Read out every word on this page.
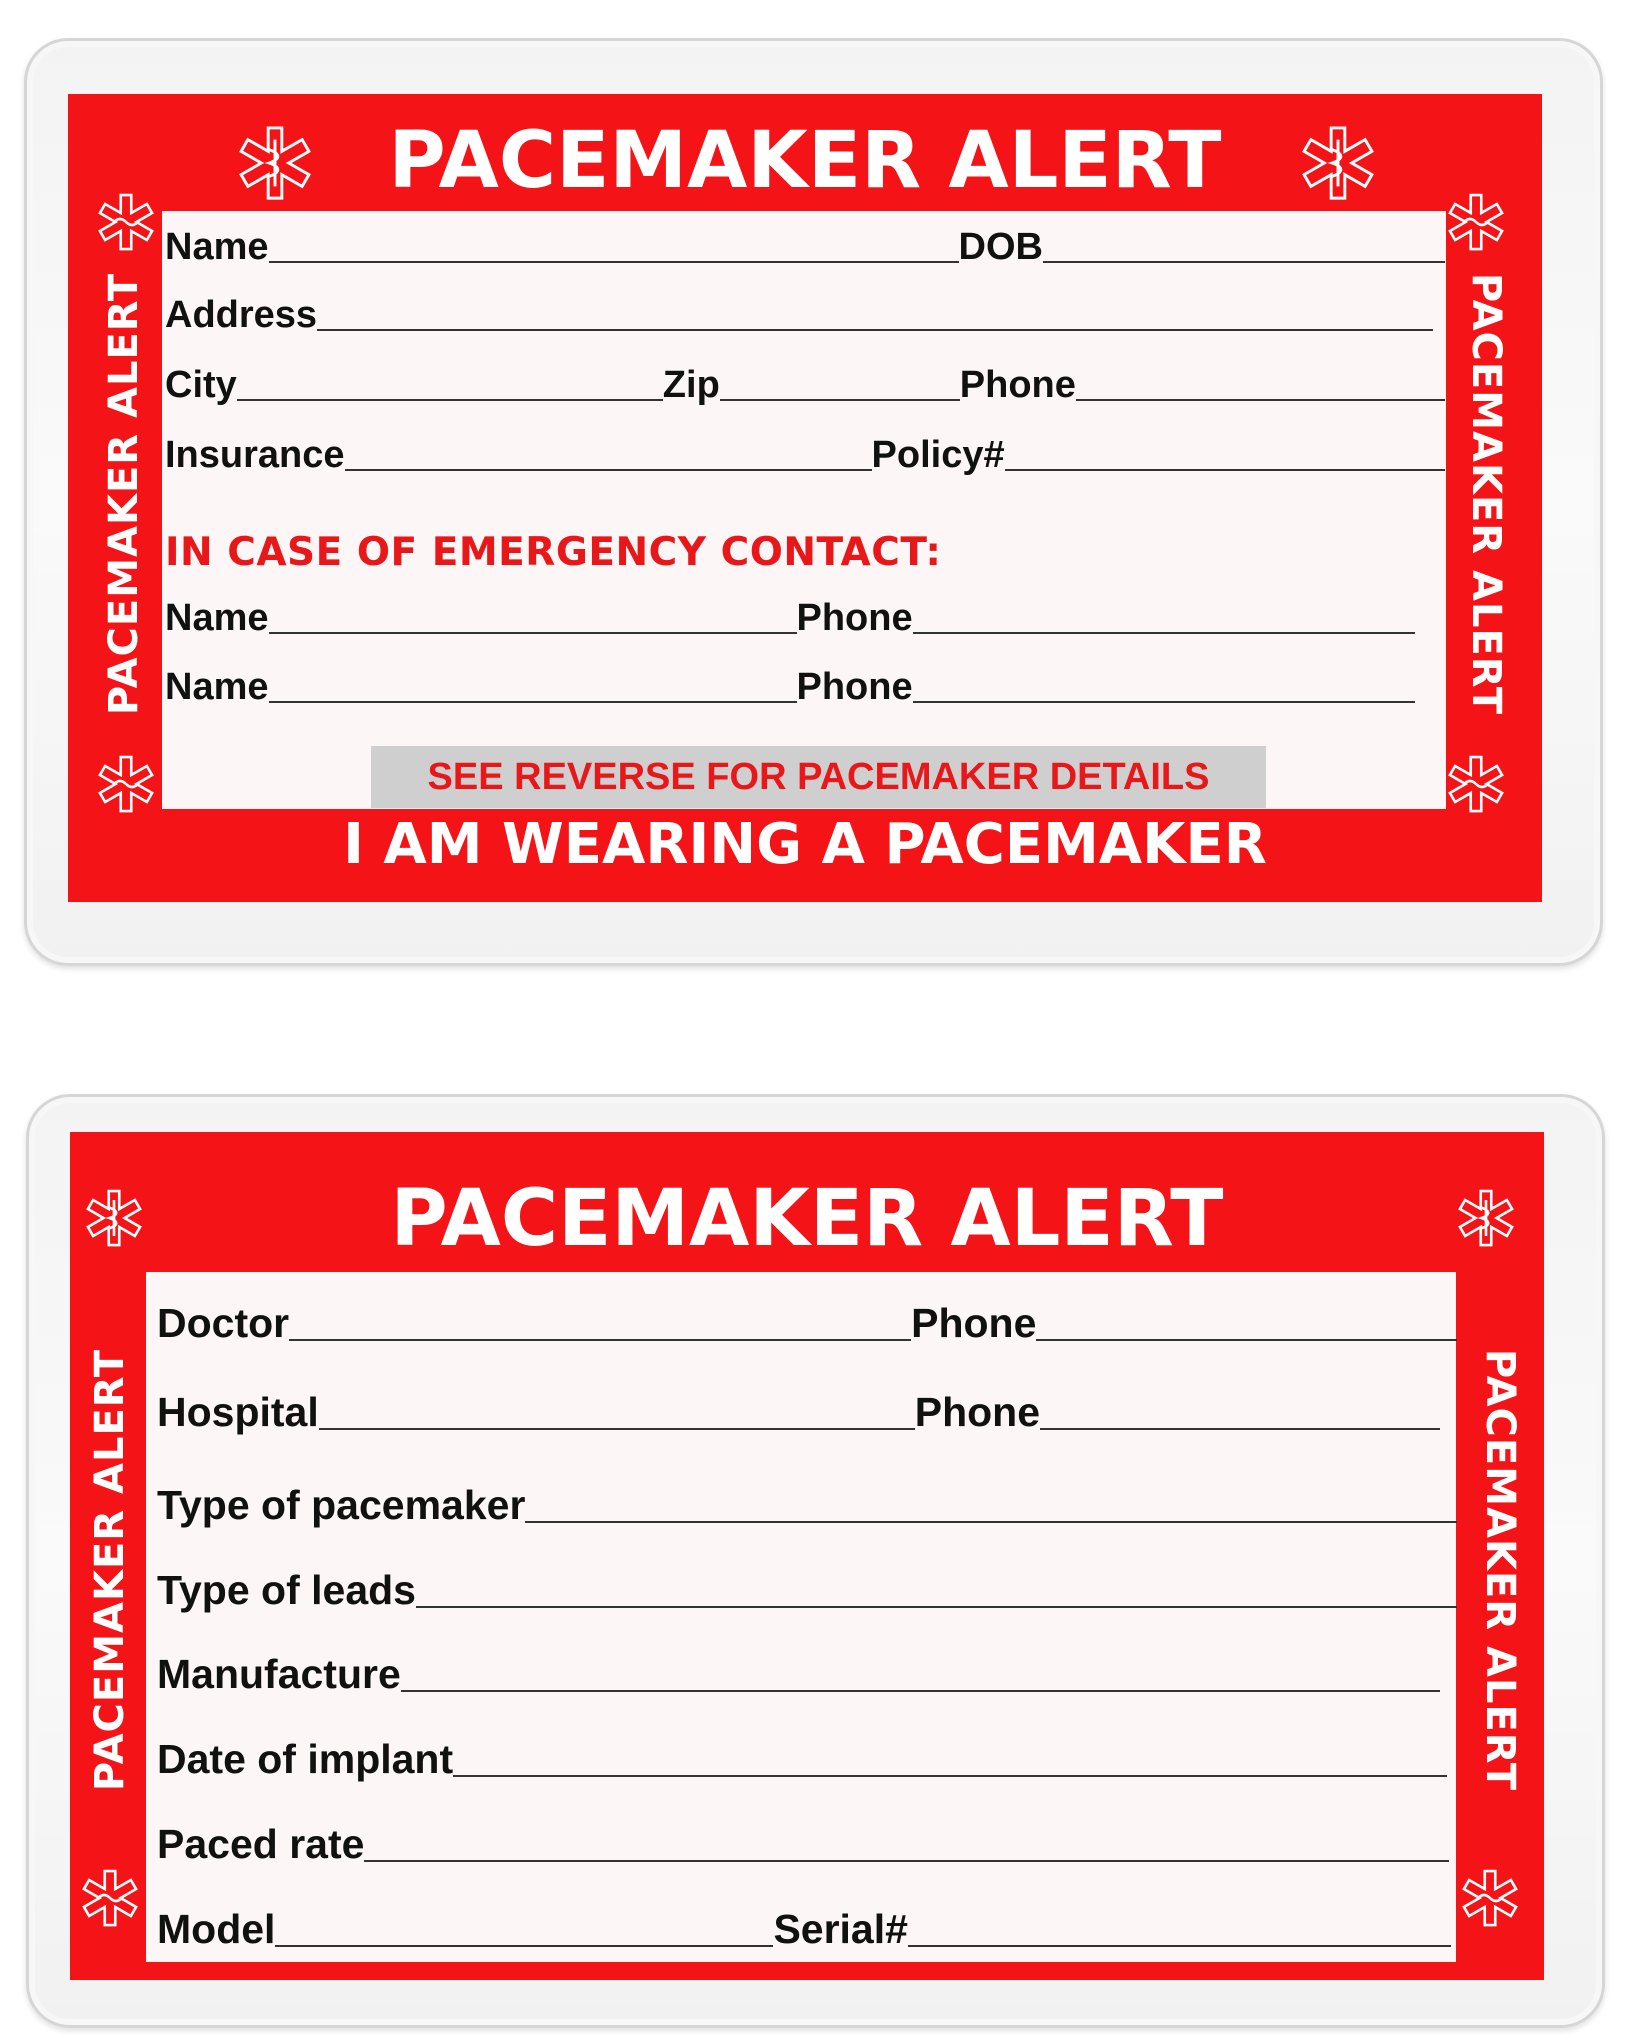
PACEMAKER ALERT
PACEMAKER ALERT	PACEMAKER ALERT
SEE REVERSE FOR PACEMAKER DETAILS
I AM WEARING A PACEMAKER
Name	DOB
Address
City	Zip	Phone
Insurance	Policy#
IN CASE OF EMERGENCY CONTACT:
Name	Phone
Name	Phone
PACEMAKER ALERT
PACEMAKER ALERT	PACEMAKER ALERT
Doctor	Phone
Hospital	Phone
Type of pacemaker
Type of leads
Manufacture
Date of implant
Paced rate
Model	Serial#
